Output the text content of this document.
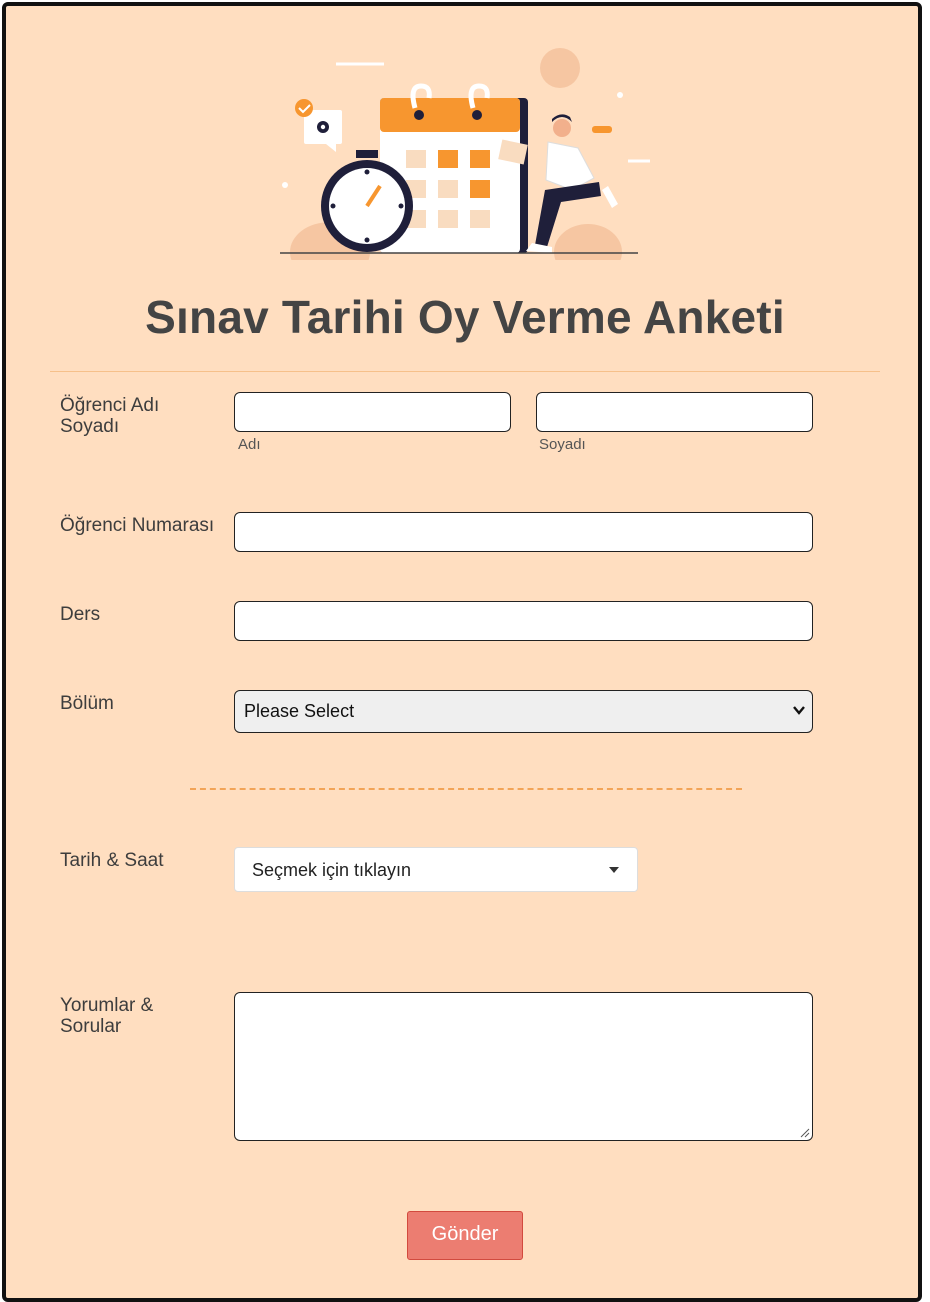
Sınav Tarihi Oy Verme Anketi
Öğrenci Adı Soyadı
Adı	Soyadı
Öğrenci Numarası
Ders
Bölüm	Please Select
Tarih & Saat	Seçmek için tıklayın
Yorumlar & Sorular
Gönder
